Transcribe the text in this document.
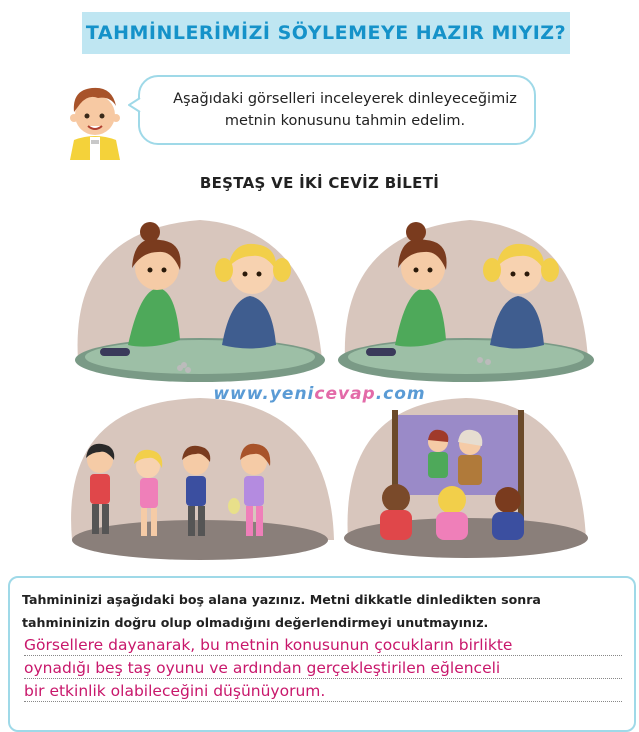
TAHMİNLERİMİZİ SÖYLEMEYE HAZIR MIYIZ?
Aşağıdaki görselleri inceleyerek dinleyeceğimiz metnin konusunu tahmin edelim.
BEŞTAŞ VE İKİ CEVİZ BİLETİ
www.yenicevap.com
Tahmininizi aşağıdaki boş alana yazınız. Metni dikkatle dinledikten sonra tahmininizin doğru olup olmadığını değerlendirmeyi unutmayınız.
Görsellere dayanarak, bu metnin konusunun çocukların birlikte
oynadığı beş taş oyunu ve ardından gerçekleştirilen eğlenceli
bir etkinlik olabileceğini düşünüyorum.
